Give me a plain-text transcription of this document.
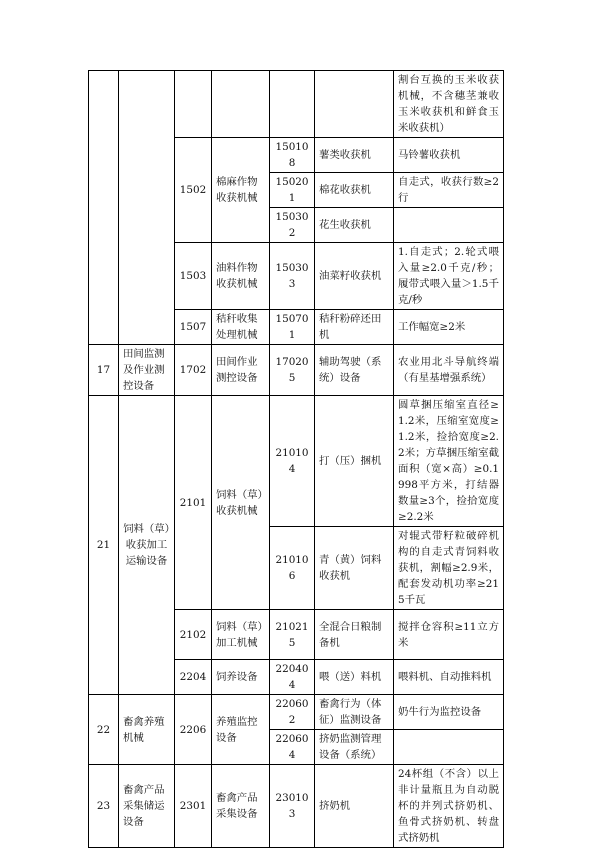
						割台互换的玉米收获机械，不含穗茎兼收玉米收获机和鲜食玉米收获机）
		1502	棉麻作物收获机械	150108	薯类收获机	马铃薯收获机
				150201	棉花收获机	自走式，收获行数≥2行
				150302	花生收获机	
		1503	油料作物收获机械	150303	油菜籽收获机	1.自走式；2.轮式喂入量≥2.0千克/秒；履带式喂入量＞1.5千克/秒
		1507	秸秆收集处理机械	150701	秸秆粉碎还田机	工作幅宽≥2米
17	田间监测及作业测控设备	1702	田间作业测控设备	170205	辅助驾驶（系统）设备	农业用北斗导航终端（有星基增强系统）
21	饲料（草）收获加工运输设备	2101	饲料（草）收获机械	210104	打（压）捆机	圆草捆压缩室直径≥1.2米，压缩室宽度≥1.2米，捡拾宽度≥2.2米；方草捆压缩室截面积（宽×高）≥0.1998平方米，打结器数量≥3个，捡拾宽度≥2.2米
				210106	青（黄）饲料收获机	对辊式带籽粒破碎机构的自走式青饲料收获机，割幅≥2.9米，配套发动机功率≥215千瓦
		2102	饲料（草）加工机械	210215	全混合日粮制备机	搅拌仓容积≥11立方米
		2204	饲养设备	220404	喂（送）料机	喂料机、自动推料机
22	畜禽养殖机械	2206	养殖监控设备	220602	畜禽行为（体征）监测设备	奶牛行为监控设备
				220604	挤奶监测管理设备（系统）	
23	畜禽产品采集储运设备	2301	畜禽产品采集设备	230103	挤奶机	24杯组（不含）以上非计量瓶且为自动脱杯的并列式挤奶机、鱼骨式挤奶机、转盘式挤奶机
